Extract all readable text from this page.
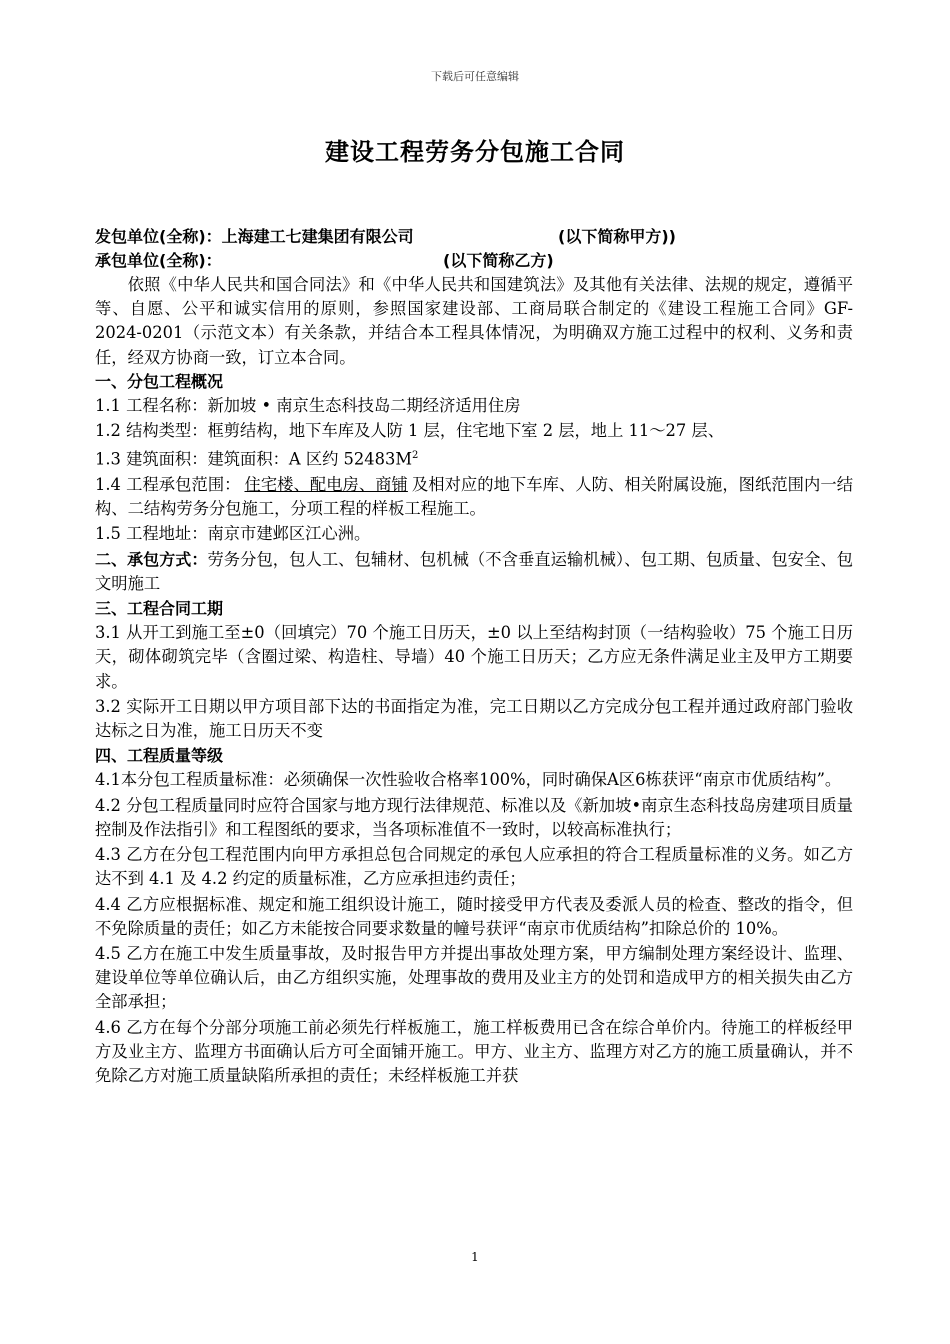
下载后可任意编辑
建设工程劳务分包施工合同
发包单位(全称)：上海建工七建集团有限公司	(以下简称甲方))
承包单位(全称)：	(以下简称乙方)
依照《中华人民共和国合同法》和《中华人民共和国建筑法》及其他有关法律、法规的规定，遵循平等、自愿、公平和诚实信用的原则，参照国家建设部、工商局联合制定的《建设工程施工合同》GF-2024-0201（示范文本）有关条款，并结合本工程具体情况，为明确双方施工过程中的权利、义务和责任，经双方协商一致，订立本合同。
一、分包工程概况
1.1 工程名称：新加坡 • 南京生态科技岛二期经济适用住房
1.2 结构类型：框剪结构，地下车库及人防 1 层，住宅地下室 2 层，地上 11～27 层、
1.3 建筑面积：建筑面积：A 区约 $52483M^2$
1.4 工程承包范围： 住宅楼、配电房、商铺 及相对应的地下车库、人防、相关附属设施，图纸范围内一结构、二结构劳务分包施工，分项工程的样板工程施工。
1.5 工程地址：南京市建邺区江心洲。
二、承包方式：劳务分包，包人工、包辅材、包机械（不含垂直运输机械）、包工期、包质量、包安全、包文明施工
三、工程合同工期
3.1 从开工到施工至±0（回填完）70 个施工日历天，±0 以上至结构封顶（一结构验收）75 个施工日历天，砌体砌筑完毕（含圈过梁、构造柱、导墙）40 个施工日历天；乙方应无条件满足业主及甲方工期要求。
3.2 实际开工日期以甲方项目部下达的书面指定为准，完工日期以乙方完成分包工程并通过政府部门验收达标之日为准，施工日历天不变
四、工程质量等级
4.1本分包工程质量标准：必须确保一次性验收合格率100%，同时确保A区6栋获评“南京市优质结构”。
4.2 分包工程质量同时应符合国家与地方现行法律规范、标准以及《新加坡•南京生态科技岛房建项目质量控制及作法指引》和工程图纸的要求，当各项标准值不一致时，以较高标准执行；
4.3 乙方在分包工程范围内向甲方承担总包合同规定的承包人应承担的符合工程质量标准的义务。如乙方达不到 4.1 及 4.2 约定的质量标准，乙方应承担违约责任；
4.4 乙方应根据标准、规定和施工组织设计施工，随时接受甲方代表及委派人员的检查、整改的指令，但不免除质量的责任；如乙方未能按合同要求数量的幢号获评“南京市优质结构”扣除总价的 10%。
4.5 乙方在施工中发生质量事故，及时报告甲方并提出事故处理方案，甲方编制处理方案经设计、监理、建设单位等单位确认后，由乙方组织实施，处理事故的费用及业主方的处罚和造成甲方的相关损失由乙方全部承担；
4.6 乙方在每个分部分项施工前必须先行样板施工，施工样板费用已含在综合单价内。待施工的样板经甲方及业主方、监理方书面确认后方可全面铺开施工。甲方、业主方、监理方对乙方的施工质量确认，并不免除乙方对施工质量缺陷所承担的责任；未经样板施工并获
1
